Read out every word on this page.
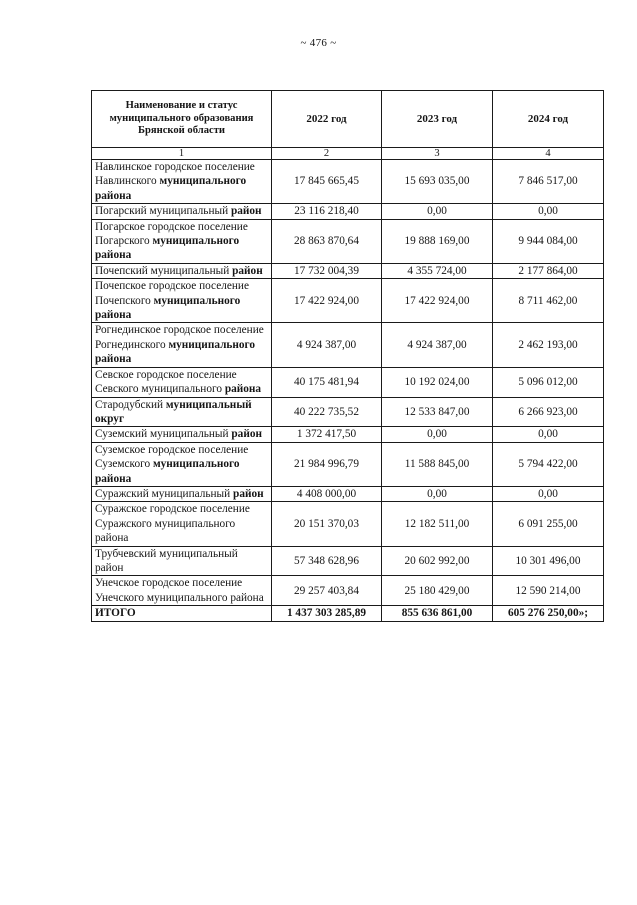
~ 476 ~
Наименование и статус муниципального образования Брянской области	2022 год	2023 год	2024 год
1	2	3	4
Навлинское городское поселение Навлинского муниципального района	17 845 665,45	15 693 035,00	7 846 517,00
Погарский муниципальный район	23 116 218,40	0,00	0,00
Погарское городское поселение Погарского муниципального района	28 863 870,64	19 888 169,00	9 944 084,00
Почепский муниципальный район	17 732 004,39	4 355 724,00	2 177 864,00
Почепское городское поселение Почепского муниципального района	17 422 924,00	17 422 924,00	8 711 462,00
Рогнединское городское поселение Рогнединского муниципального района	4 924 387,00	4 924 387,00	2 462 193,00
Севское городское поселение Севского муниципального района	40 175 481,94	10 192 024,00	5 096 012,00
Стародубский муниципальный округ	40 222 735,52	12 533 847,00	6 266 923,00
Суземский муниципальный район	1 372 417,50	0,00	0,00
Суземское городское поселение Суземского муниципального района	21 984 996,79	11 588 845,00	5 794 422,00
Суражский муниципальный район	4 408 000,00	0,00	0,00
Суражское городское поселение Суражского муниципального района	20 151 370,03	12 182 511,00	6 091 255,00
Трубчевский муниципальный район	57 348 628,96	20 602 992,00	10 301 496,00
Унечское городское поселение Унечского муниципального района	29 257 403,84	25 180 429,00	12 590 214,00
ИТОГО	1 437 303 285,89	855 636 861,00	605 276 250,00»;
